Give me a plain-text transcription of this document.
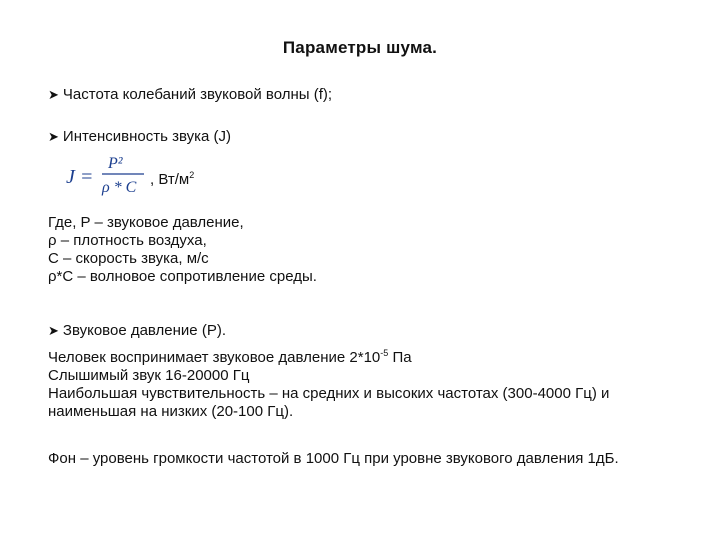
Параметры шума.
➤ Частота колебаний звуковой волны (f);
➤ Интенсивность звука (J)
J =
P²
ρ * C , $Вт/м^2$
Где, P – звуковое давление,
ρ – плотность воздуха,
C – скорость звука, м/с
ρ*C – волновое сопротивление среды.
➤ Звуковое давление (P).
Человек воспринимает звуковое давление $2*10^{-5}$ Па
Слышимый звук 16-20000 Гц
Наибольшая чувствительность – на средних и высоких частотах (300-4000 Гц) и наименьшая на низких (20-100 Гц).
Фон – уровень громкости частотой в 1000 Гц при уровне звукового давления 1дБ.
